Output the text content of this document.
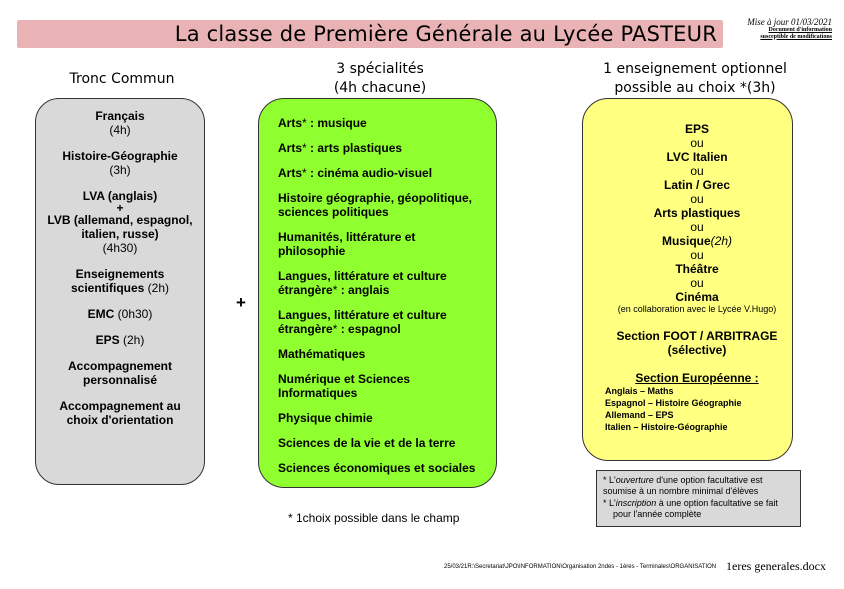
La classe de Première Générale au Lycée PASTEUR	Mise à jour 01/03/2021
Document d'information
susceptible de modifications
Tronc Commun
3 spécialités
(4h chacune)
1 enseignement optionnel
possible au choix *(3h)
Français
(4h)
Histoire-Géographie
(3h)
LVA (anglais)
+
LVB (allemand, espagnol, italien, russe)
(4h30)
Enseignements scientifiques (2h)
EMC (0h30)
EPS (2h)
Accompagnement personnalisé
Accompagnement au choix d'orientation
+
Arts* : musique
Arts* : arts plastiques
Arts* : cinéma audio-visuel
Histoire géographie, géopolitique, sciences politiques
Humanités, littérature et philosophie
Langues, littérature et culture étrangère* : anglais
Langues, littérature et culture étrangère* : espagnol
Mathématiques
Numérique et Sciences Informatiques
Physique chimie
Sciences de la vie et de la terre
Sciences économiques et sociales
* 1choix possible dans le champ
EPS
ou
LVC Italien
ou
Latin / Grec
ou
Arts plastiques
ou
Musique(2h)
ou
Théâtre
ou
Cinéma
(en collaboration avec le Lycée V.Hugo)
Section FOOT / ARBITRAGE
(sélective)
Section Européenne :
Anglais – Maths
Espagnol – Histoire Géographie
Allemand – EPS
Italien – Histoire-Géographie
* L'ouverture d'une option facultative est
soumise à un nombre minimal d'élèves
* L'inscription à une option facultative se fait
pour l'année complète
25/03/21R:\Secretariat\JPO\INFORMATION\Organisation 2ndes - 1ères - Terminales\ORGANISATION 1eres generales.docx
